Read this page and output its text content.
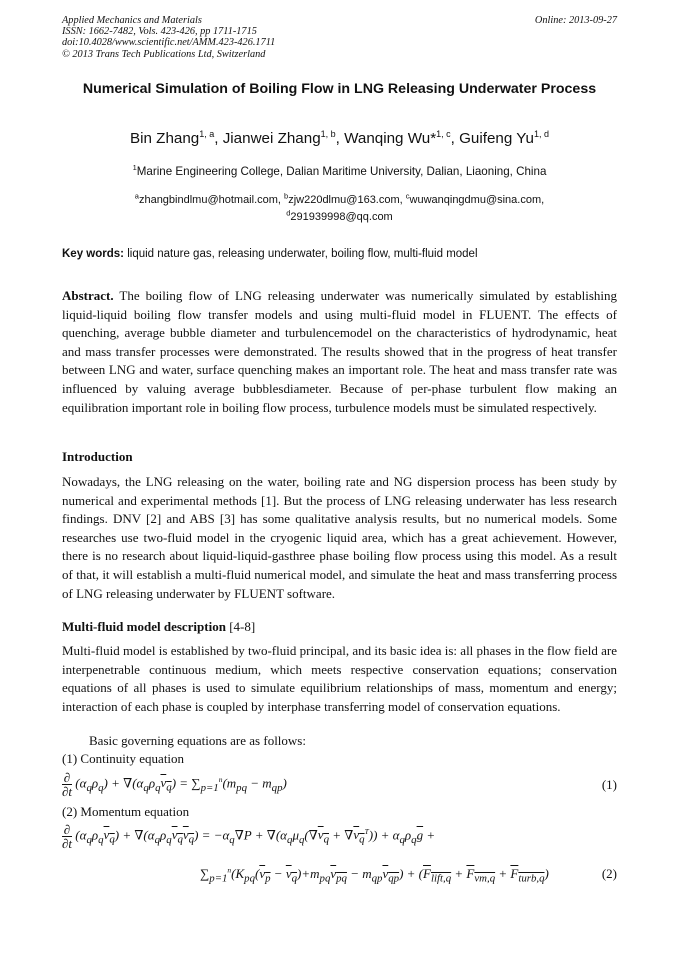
Applied Mechanics and Materials
ISSN: 1662-7482, Vols. 423-426, pp 1711-1715
doi:10.4028/www.scientific.net/AMM.423-426.1711
© 2013 Trans Tech Publications Ltd, Switzerland
Online: 2013-09-27
Numerical Simulation of Boiling Flow in LNG Releasing Underwater Process
Bin Zhang$^{1, a}$, Jianwei Zhang$^{1, b}$, Wanqing Wu*$^{1, c}$, Guifeng Yu$^{1, d}$
$^1$Marine Engineering College, Dalian Maritime University, Dalian, Liaoning, China
$^a$zhangbindlmu@hotmail.com, $^b$zjw220dlmu@163.com, $^c$wuwanqingdmu@sina.com,
$^d$291939998@qq.com
Key words: liquid nature gas, releasing underwater, boiling flow, multi-fluid model
Abstract. The boiling flow of LNG releasing underwater was numerically simulated by establishing liquid-liquid boiling flow transfer models and using multi-fluid model in FLUENT. The effects of quenching, average bubble diameter and turbulencemodel on the characteristics of hydrodynamic, heat and mass transfer processes were demonstrated. The results showed that in the progress of heat transfer between LNG and water, surface quenching makes an important role. The heat and mass transfer rate was influenced by valuing average bubblesdiameter. Because of per-phase turbulent flow making an equilibration important role in boiling flow process, turbulence models must be simulated respectively.
Introduction
Nowadays, the LNG releasing on the water, boiling rate and NG dispersion process has been study by numerical and experimental methods [1]. But the process of LNG releasing underwater has less research findings. DNV [2] and ABS [3] has some qualitative analysis results, but no numerical models. Some researches use two-fluid model in the cryogenic liquid area, which has a great achievement. However, there is no research about liquid-liquid-gasthree phase boiling flow process using this model. As a result of that, it will establish a multi-fluid numerical model, and simulate the heat and mass transferring process of LNG releasing underwater by FLUENT software.
Multi-fluid model description [4-8]
Multi-fluid model is established by two-fluid principal, and its basic idea is: all phases in the flow field are interpenetrable continuous medium, which meets respective conservation equations; conservation equations of all phases is used to simulate equilibrium relationships of mass, momentum and energy; interaction of each phase is coupled by interphase transferring model of conservation equations.
Basic governing equations are as follows:
(1) Continuity equation
$\frac{\partial}{\partial t} (\alpha_q\rho_q) + \nabla(\alpha_q\rho_qv_q) = \sum_{p=1}^n(m_{pq} - m_{qp})$	(1)
(2) Momentum equation
$\frac{\partial}{\partial t} (\alpha_q\rho_qv_q) + \nabla(\alpha_q\rho_qv_qv_q) = -\alpha_q\nabla P + \nabla(\alpha_q\mu_q(\nabla v_q + \nabla v_q^T)) + \alpha_q\rho_q\overline{g}$ +
$\sum_{p=1}^n(K_{pq}(v_p - v_q)+m_{pq}v_{pq} - m_{qp}v_{qp}) + (F_{lift,q} + F_{vm,q} + F_{turb,q})$	(2)
